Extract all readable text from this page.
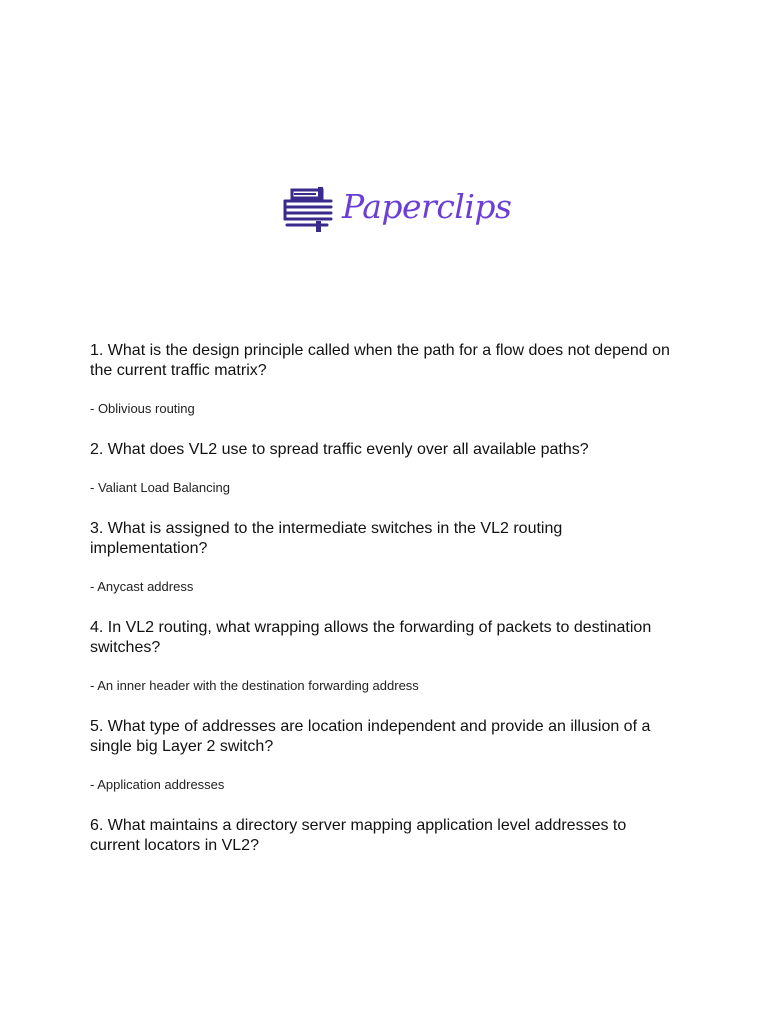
Paperclips

1. What is the design principle called when the path for a flow does not depend on the current traffic matrix?

- Oblivious routing

2. What does VL2 use to spread traffic evenly over all available paths?

- Valiant Load Balancing

3. What is assigned to the intermediate switches in the VL2 routing implementation?

- Anycast address

4. In VL2 routing, what wrapping allows the forwarding of packets to destination switches?

- An inner header with the destination forwarding address

5. What type of addresses are location independent and provide an illusion of a single big Layer 2 switch?

- Application addresses

6. What maintains a directory server mapping application level addresses to current locators in VL2?
